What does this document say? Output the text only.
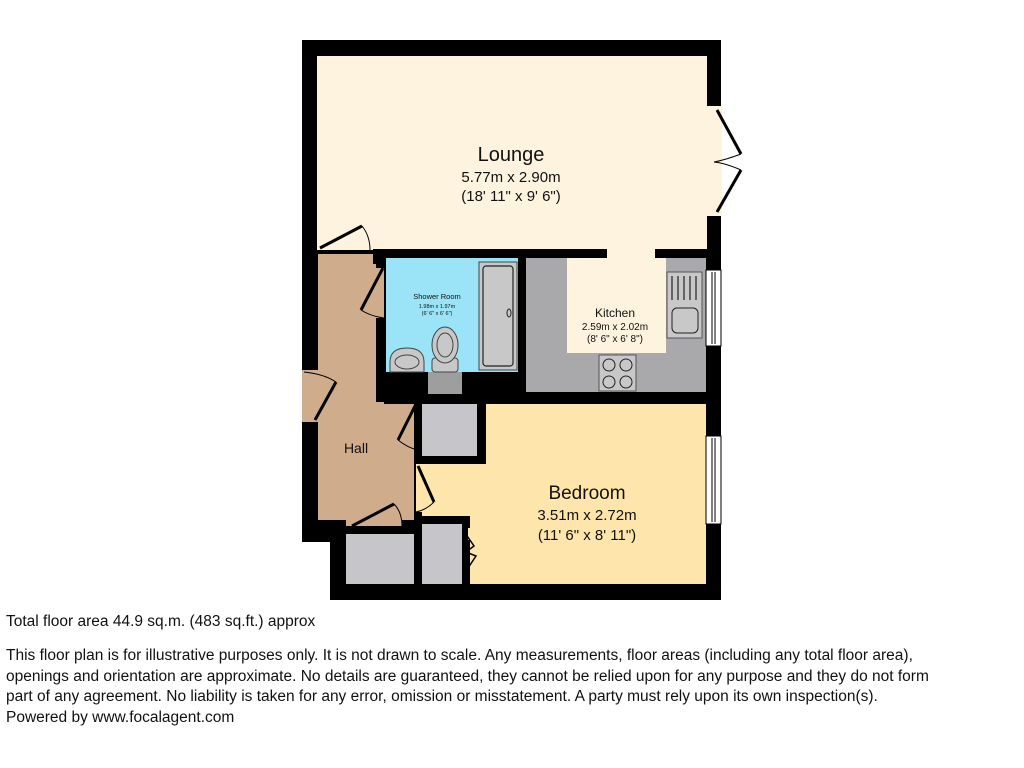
Lounge
5.77m x 2.90m
(18' 11" x 9' 6")
Kitchen
2.59m x 2.02m
(8' 6" x 6' 8")
Shower Room
1.98m x 1.97m
(6' 6" x 6' 6")
Hall
Bedroom
3.51m x 2.72m
(11' 6" x 8' 11")

Total floor area 44.9 sq.m. (483 sq.ft.) approx

This floor plan is for illustrative purposes only. It is not drawn to scale. Any measurements, floor areas (including any total floor area),
openings and orientation are approximate. No details are guaranteed, they cannot be relied upon for any purpose and they do not form
part of any agreement. No liability is taken for any error, omission or misstatement. A party must rely upon its own inspection(s).

Powered by www.focalagent.com
